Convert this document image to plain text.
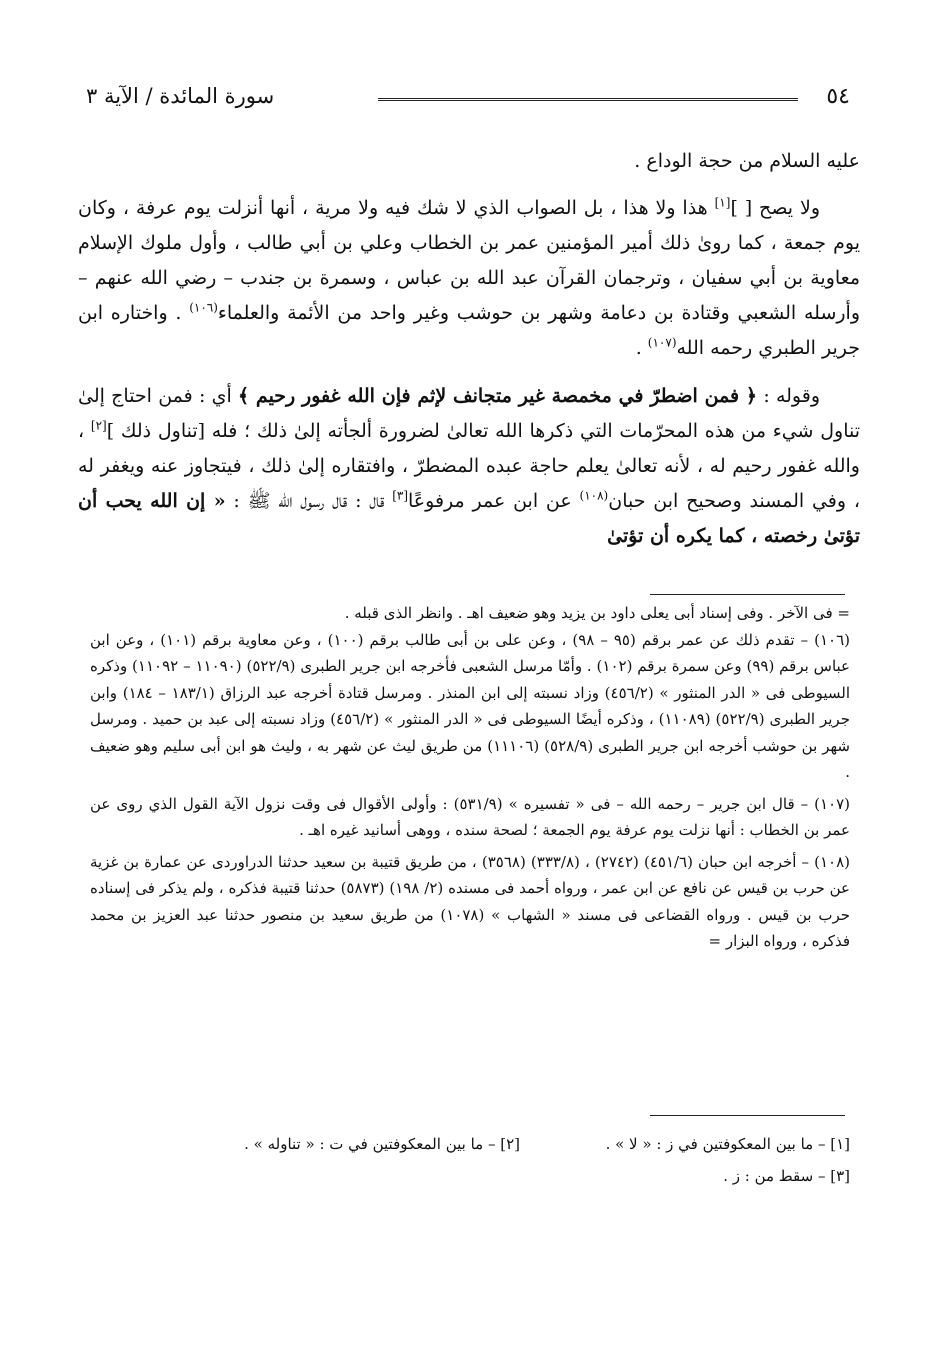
٥٤
سورة المائدة / الآية ٣

عليه السلام من حجة الوداع .

ولا يصح [ ][١] هذا ولا هذا ، بل الصواب الذي لا شك فيه ولا مرية ، أنها أنزلت يوم عرفة ، وكان يوم جمعة ، كما روىٰ ذلك أمير المؤمنين عمر بن الخطاب وعلي بن أبي طالب ، وأول ملوك الإسلام معاوية بن أبي سفيان ، وترجمان القرآن عبد الله بن عباس ، وسمرة بن جندب – رضي الله عنهم – وأرسله الشعبي وقتادة بن دعامة وشهر بن حوشب وغير واحد من الأئمة والعلماء$^{(١٠٦)}$ . واختاره ابن جرير الطبري رحمه الله$^{(١٠٧)}$ .

وقوله : ﴿ فمن اضطرّ في مخمصة غير متجانف لإثم فإن الله غفور رحيم ﴾ أي : فمن احتاج إلىٰ تناول شيء من هذه المحرّمات التي ذكرها الله تعالىٰ لضرورة ألجأته إلىٰ ذلك ؛ فله [تناول ذلك ][٢] ، والله غفور رحيم له ، لأنه تعالىٰ يعلم حاجة عبده المضطرّ ، وافتقاره إلىٰ ذلك ، فيتجاوز عنه ويغفر له ، وفي المسند وصحيح ابن حبان$^{(١٠٨)}$ عن ابن عمر مرفوعًا[٣] قال : قال رسول الله ﷺ : « إن الله يحب أن تؤتىٰ رخصته ، كما يكره أن تؤتىٰ

= فى الآخر . وفى إسناد أبى يعلى داود بن يزيد وهو ضعيف اهـ . وانظر الذى قبله .

(١٠٦) – تقدم ذلك عن عمر برقم (٩٥ – ٩٨) ، وعن على بن أبى طالب برقم (١٠٠) ، وعن معاوية برقم (١٠١) ، وعن ابن عباس برقم (٩٩) وعن سمرة برقم (١٠٢) . وأمّا مرسل الشعبى فأخرجه ابن جرير الطبرى (٥٢٢/٩) (١١٠٩٠ – ١١٠٩٢) وذكره السيوطى فى « الدر المنثور » (٤٥٦/٢) وزاد نسبته إلى ابن المنذر . ومرسل قتادة أخرجه عبد الرزاق (١٨٣/١ – ١٨٤) وابن جرير الطبرى (٥٢٢/٩) (١١٠٨٩) ، وذكره أيضًا السيوطى فى « الدر المنثور » (٤٥٦/٢) وزاد نسبته إلى عبد بن حميد . ومرسل شهر بن حوشب أخرجه ابن جرير الطبرى (٥٢٨/٩) (١١١٠٦) من طريق ليث عن شهر به ، وليث هو ابن أبى سليم وهو ضعيف .

(١٠٧) – قال ابن جرير – رحمه الله – فى « تفسيره » (٥٣١/٩) : وأولى الأقوال فى وقت نزول الآية القول الذي روى عن عمر بن الخطاب : أنها نزلت يوم عرفة يوم الجمعة ؛ لصحة سنده ، ووهى أسانيد غيره اهـ .

(١٠٨) – أخرجه ابن حبان (٤٥١/٦) (٢٧٤٢) ، (٣٣٣/٨) (٣٥٦٨) ، من طريق قتيبة بن سعيد حدثنا الدراوردى عن عمارة بن غزية عن حرب بن قيس عن نافع عن ابن عمر ، ورواه أحمد فى مسنده (٢/ ١٩٨) (٥٨٧٣) حدثنا قتيبة فذكره ، ولم يذكر فى إسناده حرب بن قيس . ورواه القضاعى فى مسند « الشهاب » (١٠٧٨) من طريق سعيد بن منصور حدثنا عبد العزيز بن محمد فذكره ، ورواه البزار =

[١] – ما بين المعكوفتين في ز : « لا » .
[٢] – ما بين المعكوفتين في ت : « تناوله » .
[٣] – سقط من : ز .
